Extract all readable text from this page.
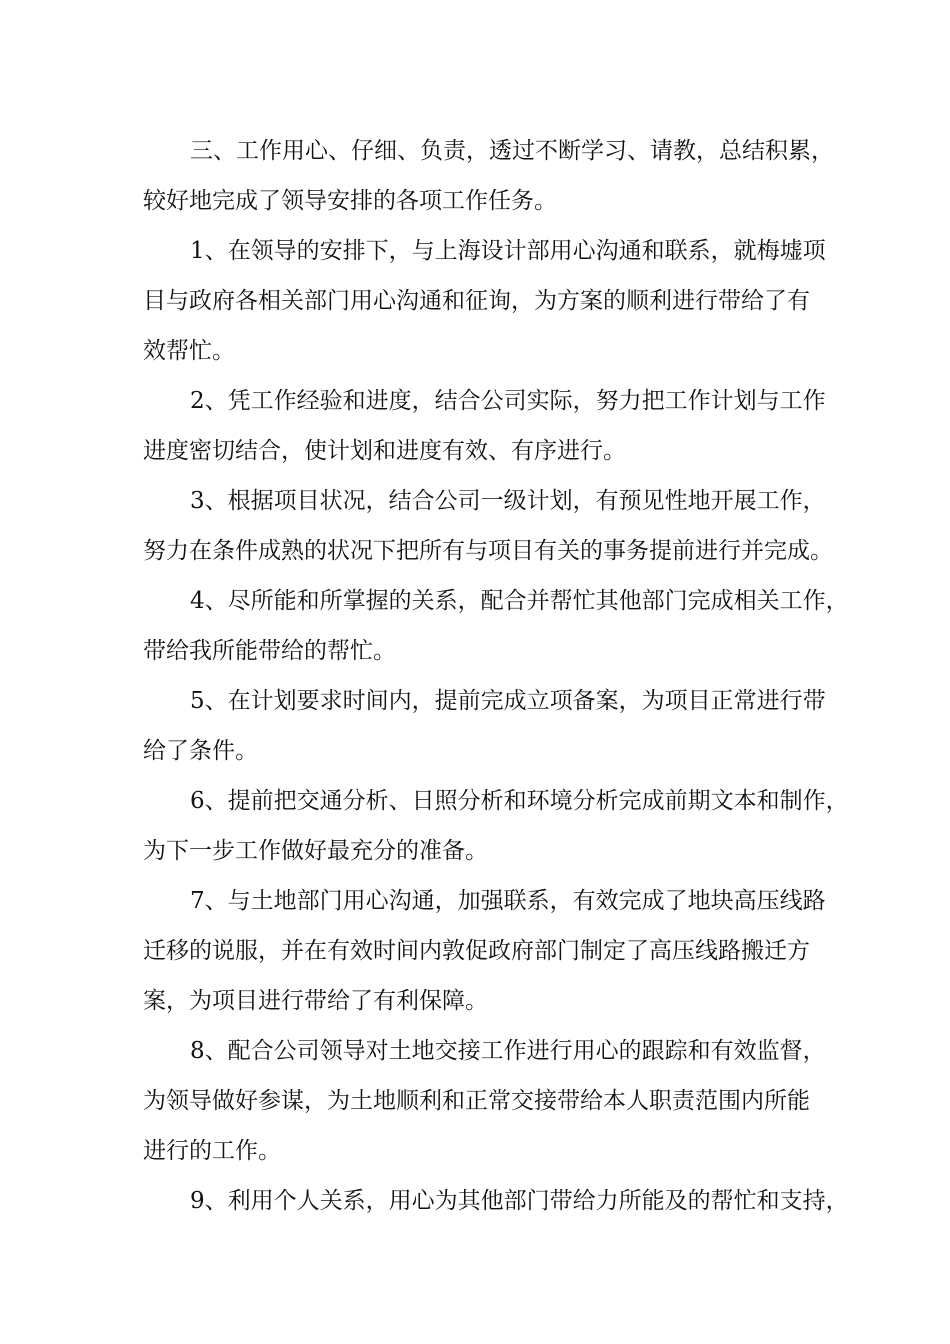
三、工作用心、仔细、负责，透过不断学习、请教，总结积累，
较好地完成了领导安排的各项工作任务。
1、在领导的安排下，与上海设计部用心沟通和联系，就梅墟项
目与政府各相关部门用心沟通和征询，为方案的顺利进行带给了有
效帮忙。
2、凭工作经验和进度，结合公司实际，努力把工作计划与工作
进度密切结合，使计划和进度有效、有序进行。
3、根据项目状况，结合公司一级计划，有预见性地开展工作，
努力在条件成熟的状况下把所有与项目有关的事务提前进行并完成。
4、尽所能和所掌握的关系，配合并帮忙其他部门完成相关工作，
带给我所能带给的帮忙。
5、在计划要求时间内，提前完成立项备案，为项目正常进行带
给了条件。
6、提前把交通分析、日照分析和环境分析完成前期文本和制作，
为下一步工作做好最充分的准备。
7、与土地部门用心沟通，加强联系，有效完成了地块高压线路
迁移的说服，并在有效时间内敦促政府部门制定了高压线路搬迁方
案，为项目进行带给了有利保障。
8、配合公司领导对土地交接工作进行用心的跟踪和有效监督，
为领导做好参谋，为土地顺利和正常交接带给本人职责范围内所能
进行的工作。
9、利用个人关系，用心为其他部门带给力所能及的帮忙和支持，
